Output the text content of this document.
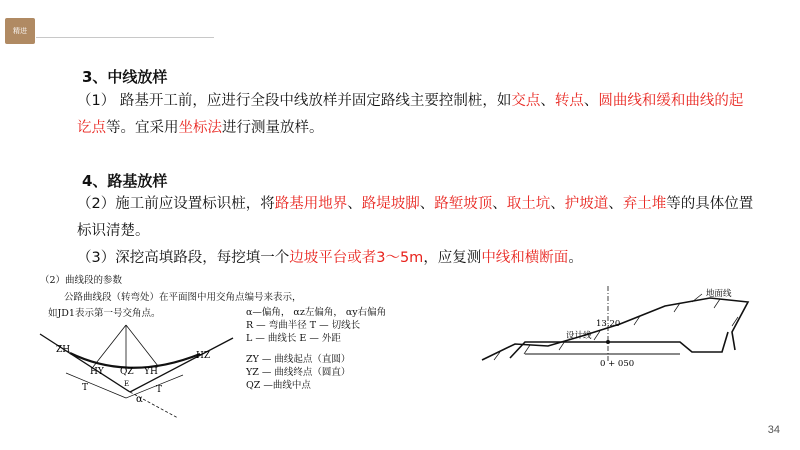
精进
3、中线放样
（1） 路基开工前，应进行全段中线放样并固定路线主要控制桩，如交点、转点、圆曲线和缓和曲线的起讫点等。宜采用坐标法进行测量放样。
4、路基放样
（2）施工前应设置标识桩，将路基用地界、路堤坡脚、路堑坡顶、取土坑、护坡道、弃土堆等的具体位置标识清楚。
（3）深挖高填路段，每挖填一个边坡平台或者3～5m，应复测中线和横断面。
（2）曲线段的参数
公路曲线段（转弯处）在平面图中用交角点编号来表示，
如JD1表示第一号交角点。	α—偏角， αz左偏角， αy右偏角
R — 弯曲半径 T — 切线长
L — 曲线长 E — 外距
ZY — 曲线起点（直圆）
YZ — 曲线终点（圆直）
QZ —曲线中点
ZH
HZ
HY QZ YH
T	T
α
E
13.20
0 + 050
设计线
地面线
34
